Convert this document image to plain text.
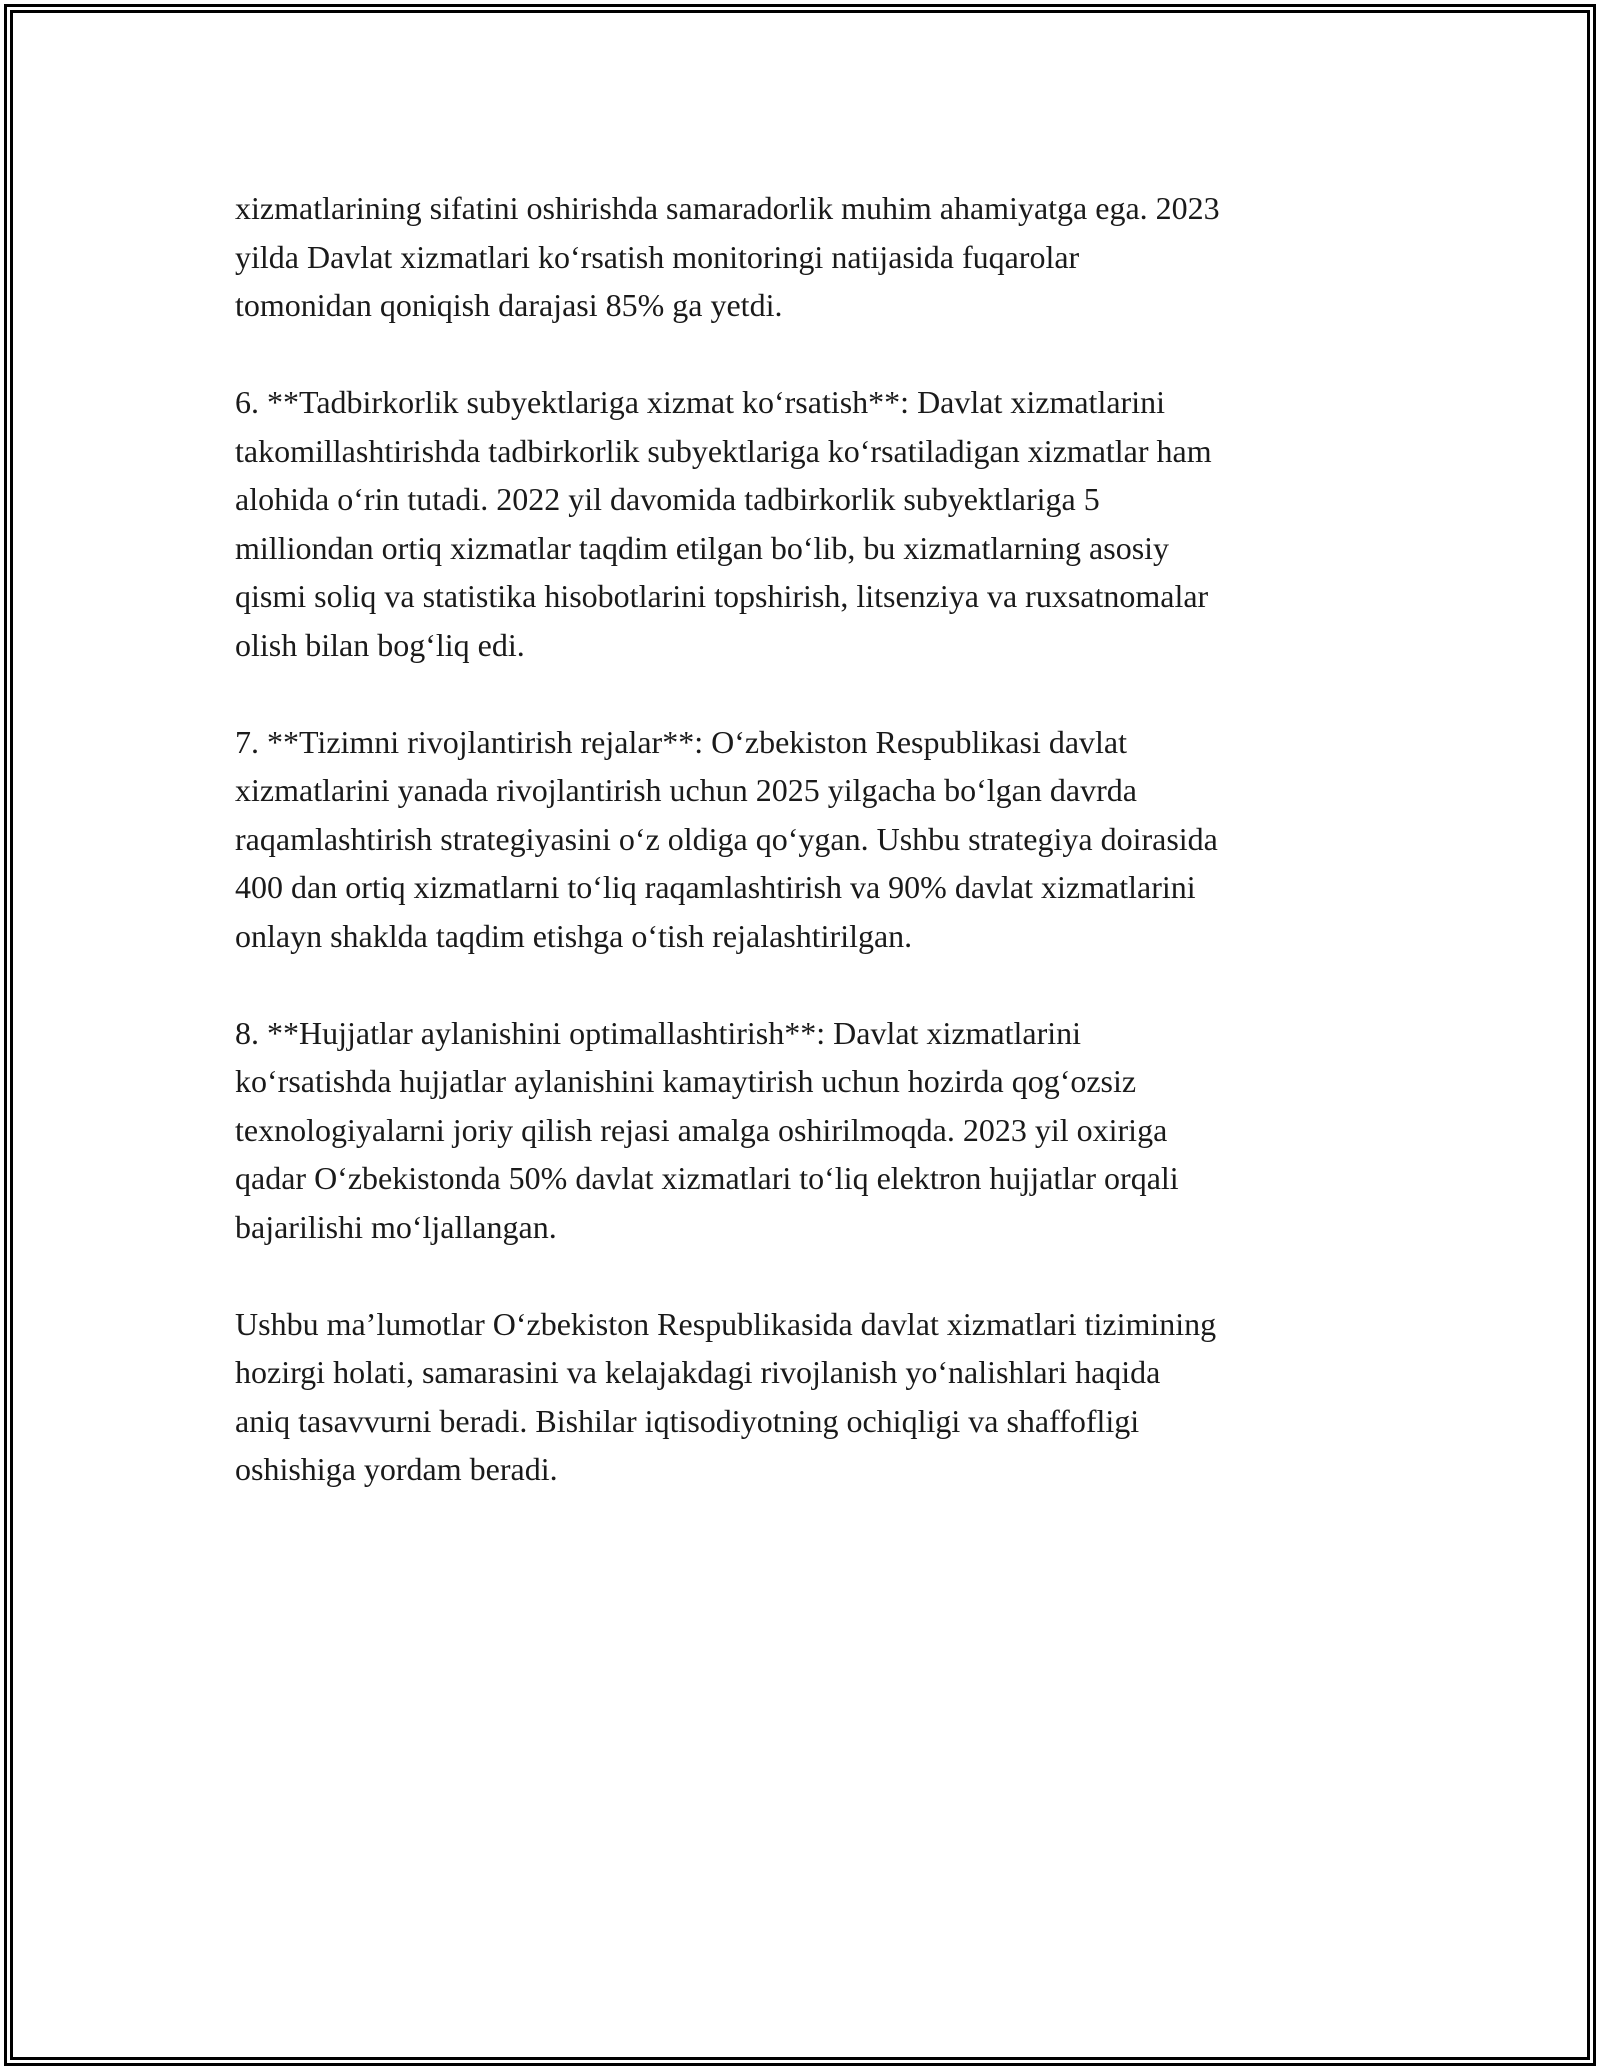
xizmatlarining sifatini oshirishda samaradorlik muhim ahamiyatga ega. 2023
yilda Davlat xizmatlari ko‘rsatish monitoringi natijasida fuqarolar
tomonidan qoniqish darajasi 85% ga yetdi.

6. **Tadbirkorlik subyektlariga xizmat ko‘rsatish**: Davlat xizmatlarini
takomillashtirishda tadbirkorlik subyektlariga ko‘rsatiladigan xizmatlar ham
alohida o‘rin tutadi. 2022 yil davomida tadbirkorlik subyektlariga 5
milliondan ortiq xizmatlar taqdim etilgan bo‘lib, bu xizmatlarning asosiy
qismi soliq va statistika hisobotlarini topshirish, litsenziya va ruxsatnomalar
olish bilan bog‘liq edi.

7. **Tizimni rivojlantirish rejalar**: O‘zbekiston Respublikasi davlat
xizmatlarini yanada rivojlantirish uchun 2025 yilgacha bo‘lgan davrda
raqamlashtirish strategiyasini o‘z oldiga qo‘ygan. Ushbu strategiya doirasida
400 dan ortiq xizmatlarni to‘liq raqamlashtirish va 90% davlat xizmatlarini
onlayn shaklda taqdim etishga o‘tish rejalashtirilgan.

8. **Hujjatlar aylanishini optimallashtirish**: Davlat xizmatlarini
ko‘rsatishda hujjatlar aylanishini kamaytirish uchun hozirda qog‘ozsiz
texnologiyalarni joriy qilish rejasi amalga oshirilmoqda. 2023 yil oxiriga
qadar O‘zbekistonda 50% davlat xizmatlari to‘liq elektron hujjatlar orqali
bajarilishi mo‘ljallangan.

Ushbu ma’lumotlar O‘zbekiston Respublikasida davlat xizmatlari tizimining
hozirgi holati, samarasini va kelajakdagi rivojlanish yo‘nalishlari haqida
aniq tasavvurni beradi. Bishilar iqtisodiyotning ochiqligi va shaffofligi
oshishiga yordam beradi.
